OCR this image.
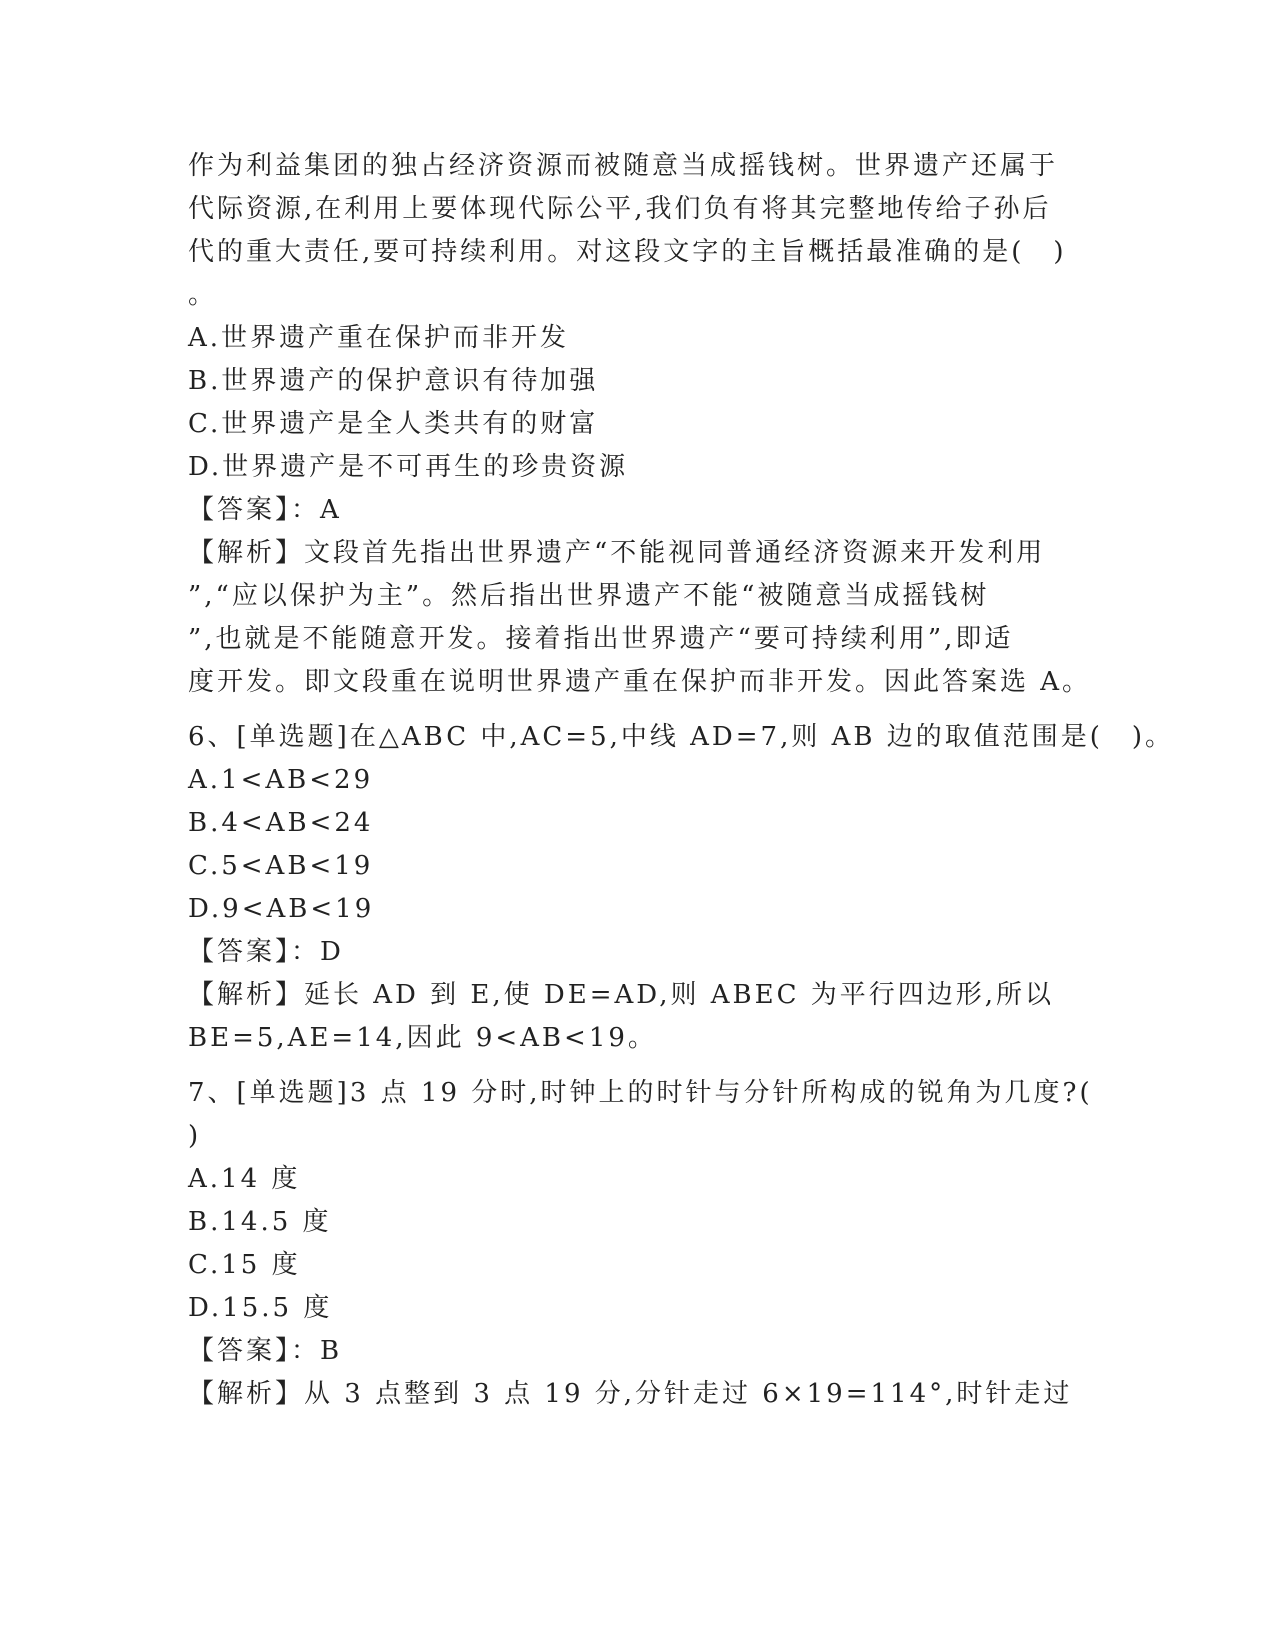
作为利益集团的独占经济资源而被随意当成摇钱树。世界遗产还属于
代际资源,在利用上要体现代际公平,我们负有将其完整地传给子孙后
代的重大责任,要可持续利用。对这段文字的主旨概括最准确的是(　)
。
A.世界遗产重在保护而非开发
B.世界遗产的保护意识有待加强
C.世界遗产是全人类共有的财富
D.世界遗产是不可再生的珍贵资源
【答案】：A
【解析】文段首先指出世界遗产“不能视同普通经济资源来开发利用
”,“应以保护为主”。然后指出世界遗产不能“被随意当成摇钱树
”,也就是不能随意开发。接着指出世界遗产“要可持续利用”,即适
度开发。即文段重在说明世界遗产重在保护而非开发。因此答案选 A。
6、[单选题]在△ABC 中,AC=5,中线 AD=7,则 AB 边的取值范围是(　)。
A.1<AB<29
B.4<AB<24
C.5<AB<19
D.9<AB<19
【答案】：D
【解析】延长 AD 到 E,使 DE=AD,则 ABEC 为平行四边形,所以
BE=5,AE=14,因此 9<AB<19。
7、[单选题]3 点 19 分时,时钟上的时针与分针所构成的锐角为几度?(
)
A.14 度
B.14.5 度
C.15 度
D.15.5 度
【答案】：B
【解析】从 3 点整到 3 点 19 分,分针走过 6×19=114°,时针走过
